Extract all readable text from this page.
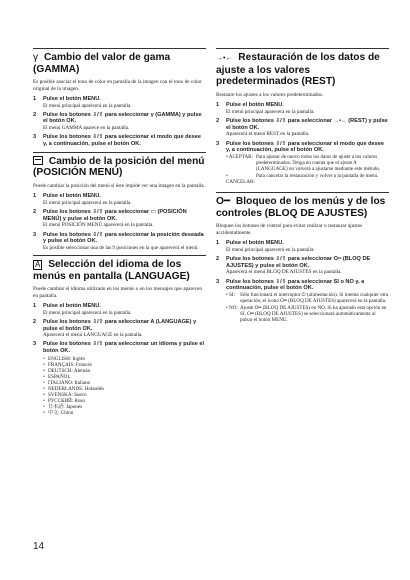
γ Cambio del valor de gama (GAMMA)

Es posible asociar el tono de color en pantalla de la imagen con el tono de color original de la imagen.

1	Pulse el botón MENU.
El menú principal aparecerá en la pantalla.
2	Pulse los botones ⇩/⇧ para seleccionar γ (GAMMA) y pulse el botón OK.
El menú GAMMA aparece en la pantalla.
3	Pulse los botones ⇩/⇧ para seleccionar el modo que desee y, a continuación, pulse el botón OK.
Cambio de la posición del menú (POSICIÓN MENÚ)

Puede cambiar la posición del menú si éste impide ver una imagen en la pantalla.

1	Pulse el botón MENU.
El menú principal aparecerá en la pantalla.
2	Pulse los botones ⇩/⇧ para seleccionar ▭ (POSICIÓN MENÚ) y pulse el botón OK.
El menú POSICIÓN MENÚ aparecerá en la pantalla.
3	Pulse los botones ⇩/⇧ para seleccionar la posición deseada y pulse el botón OK.
Es posible seleccionar una de las 9 posiciones en la que aparecerá el menú.
A Selección del idioma de los menús en pantalla (LANGUAGE)

Puede cambiar el idioma utilizado en los menús o en los mensajes que aparecen en pantalla.

1	Pulse el botón MENU.
El menú principal aparecerá en la pantalla.
2	Pulse los botones ⇩/⇧ para seleccionar A (LANGUAGE) y pulse el botón OK.
Aparecerá el menú LANGUAGE en la pantalla.
3	Pulse los botones ⇩/⇧ para seleccionar un idioma y pulse el botón OK.
• ENGLISH: Inglés
• FRANÇAIS: Francés
• DEUTSCH: Alemán
• ESPAÑOL
• ITALIANO: Italiano
• NEDERLANDS: Holandés
• SVENSKA: Sueco
• РУССКИЙ: Ruso
• 日本語: Japonés
• 中文: Chino
→•← Restauración de los datos de ajuste a los valores predeterminados (REST)

Restaure los ajustes a los valores predeterminados.

1	Pulse el botón MENU.
El menú principal aparecerá en la pantalla.
2	Pulse los botones ⇩/⇧ para seleccionar →•← (REST) y pulse el botón OK.
Aparecerá el menú REST en la pantalla.
3	Pulse los botones ⇩/⇧ para seleccionar el modo que desee y, a continuación, pulse el botón OK.
• ACEPTAR: Para ajustar de nuevo todos los datos de ajuste a los valores predeterminados. Tenga en cuenta que el ajuste A (LANGUAGE) no volverá a ajustarse mediante este método.
• CANCELAR:
Para cancelar la restauración y volver a la pantalla de menú.
O━ Bloqueo de los menús y de los controles (BLOQ DE AJUSTES)

Bloquee los botones de control para evitar realizar o restaurar ajustes accidentalmente.

1	Pulse el botón MENU.
El menú principal aparecerá en la pantalla.
2	Pulse los botones ⇩/⇧ para seleccionar O━ (BLOQ DE AJUSTES) y pulse el botón OK.
Aparecerá el menú BLOQ DE AJUSTES en la pantalla.
3	Pulse los botones ⇩/⇧ para seleccionar SI o NO y, a continuación, pulse el botón OK.
• SI: Sólo funcionará el interruptor ⏻ (alimentación). Si intenta cualquier otra operación, el icono O━ (BLOQ DE AJUSTES) aparecerá en la pantalla.
• NO: Ajuste O━ (BLOQ DE AJUSTES) en NO. Si ha ajustado esta opción en SI, O━ (BLOQ DE AJUSTES) se seleccionará automáticamente al pulsar el botón MENU.
14
